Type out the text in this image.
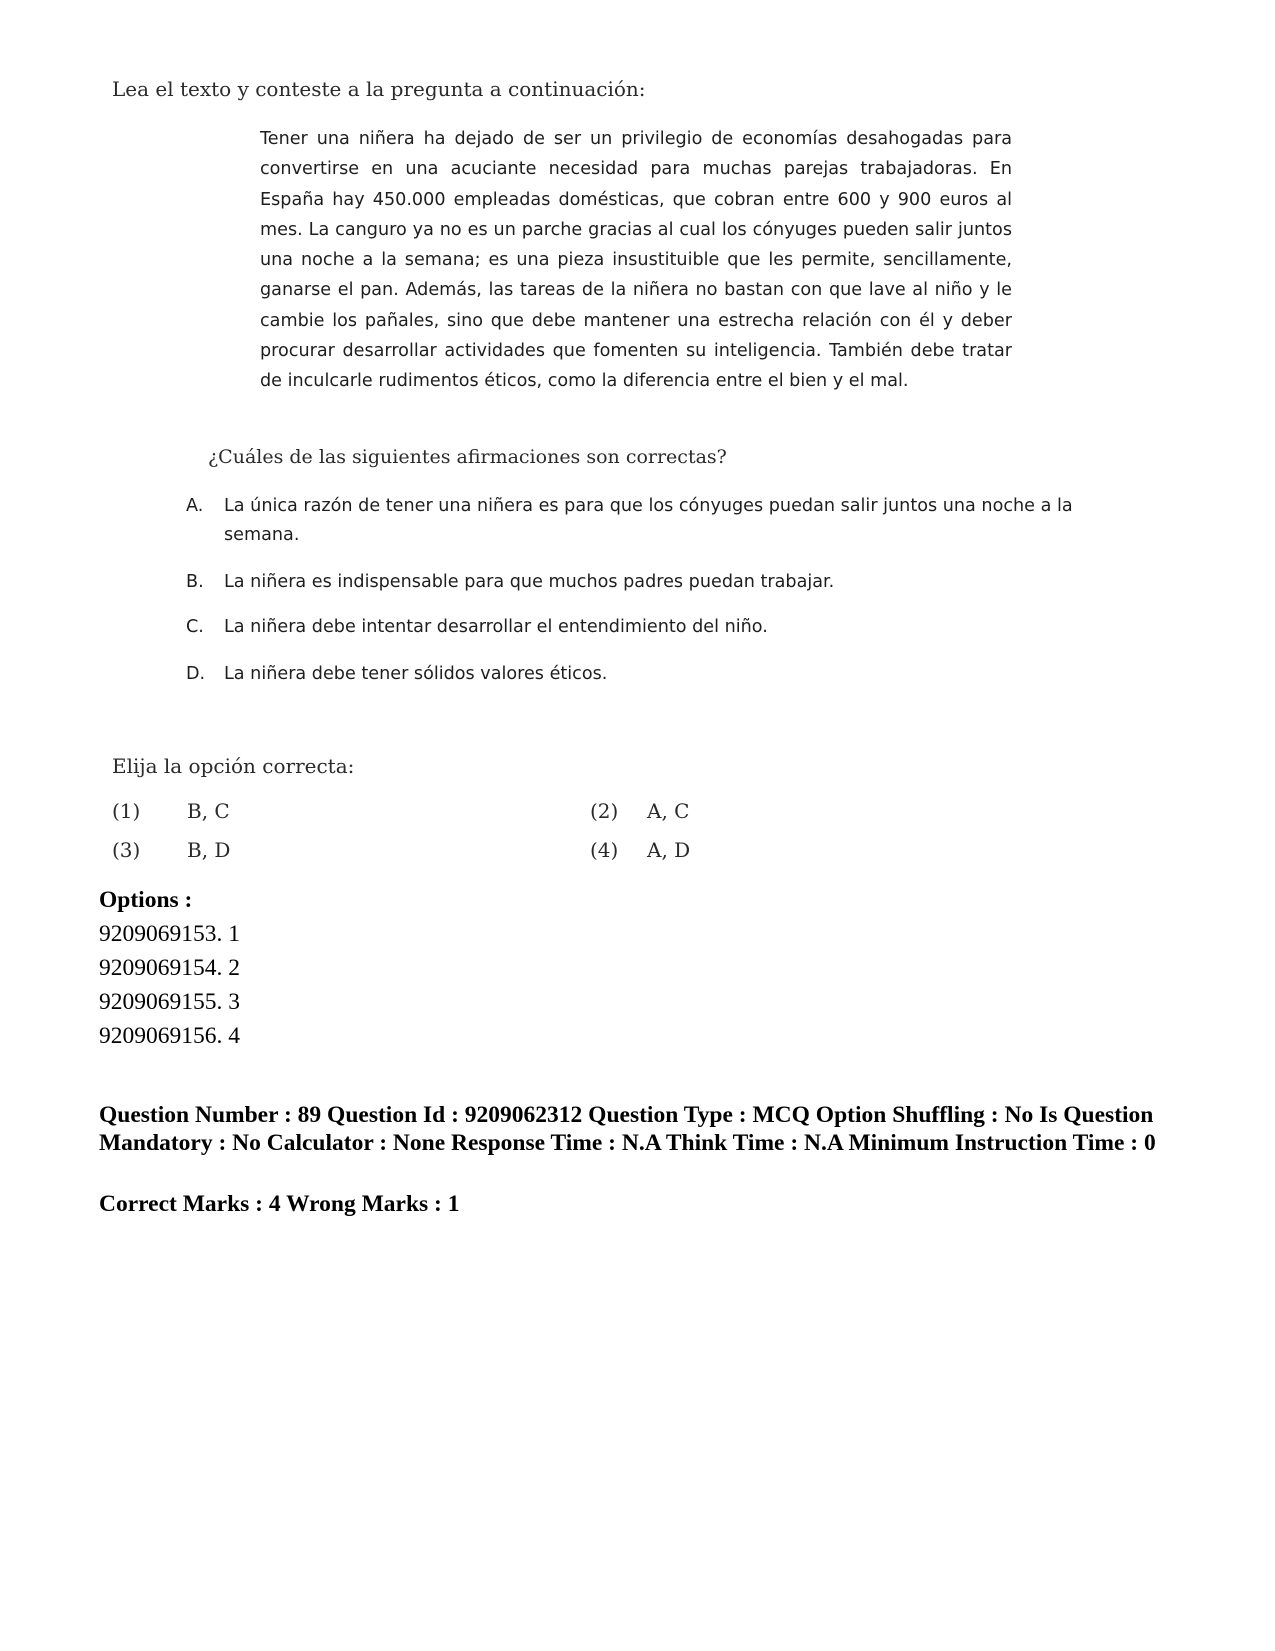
Lea el texto y conteste a la pregunta a continuación:
Tener una niñera ha dejado de ser un privilegio de economías desahogadas para convertirse en una acuciante necesidad para muchas parejas trabajadoras. En España hay 450.000 empleadas domésticas, que cobran entre 600 y 900 euros al mes. La canguro ya no es un parche gracias al cual los cónyuges pueden salir juntos una noche a la semana; es una pieza insustituible que les permite, sencillamente, ganarse el pan. Además, las tareas de la niñera no bastan con que lave al niño y le cambie los pañales, sino que debe mantener una estrecha relación con él y deber procurar desarrollar actividades que fomenten su inteligencia. También debe tratar de inculcarle rudimentos éticos, como la diferencia entre el bien y el mal.
¿Cuáles de las siguientes afirmaciones son correctas?
A.	La única razón de tener una niñera es para que los cónyuges puedan salir juntos una noche a la semana.
B.	La niñera es indispensable para que muchos padres puedan trabajar.
C.	La niñera debe intentar desarrollar el entendimiento del niño.
D.	La niñera debe tener sólidos valores éticos.
Elija la opción correcta:
(1)	B, C	(2)	A, C
(3)	B, D	(4)	A, D
Options :
9209069153. 1
9209069154. 2
9209069155. 3
9209069156. 4
Question Number : 89 Question Id : 9209062312 Question Type : MCQ Option Shuffling : No Is Question Mandatory : No Calculator : None Response Time : N.A Think Time : N.A Minimum Instruction Time : 0
Correct Marks : 4 Wrong Marks : 1
